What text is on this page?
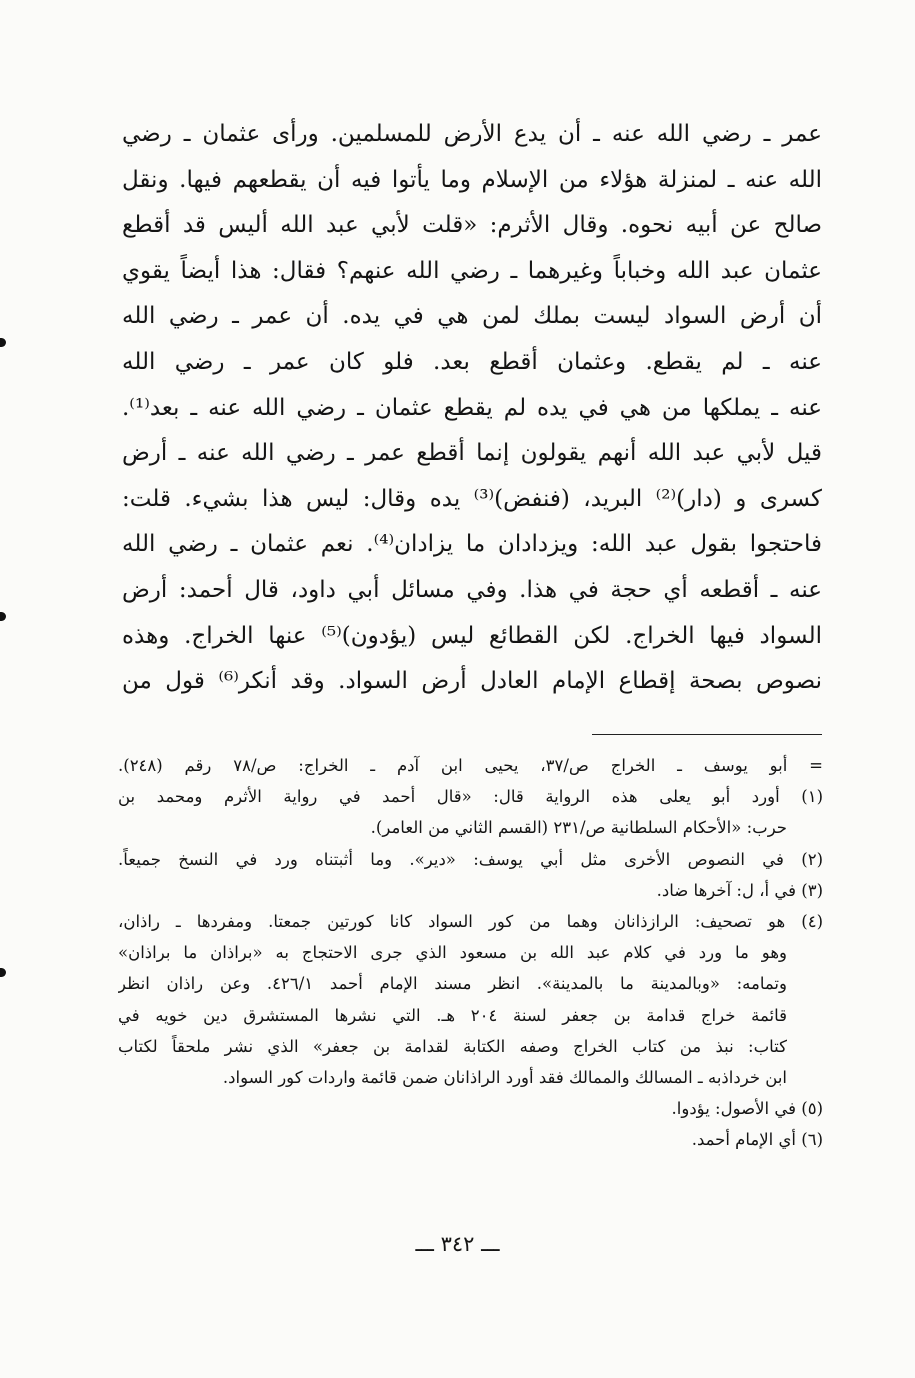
عمر ـ رضي الله عنه ـ أن يدع الأرض للمسلمين. ورأى عثمان ـ رضي
الله عنه ـ لمنزلة هؤلاء من الإسلام وما يأتوا فيه أن يقطعهم فيها. ونقل
صالح عن أبيه نحوه. وقال الأثرم: «قلت لأبي عبد الله أليس قد أقطع
عثمان عبد الله وخباباً وغيرهما ـ رضي الله عنهم؟ فقال: هذا أيضاً يقوي
أن أرض السواد ليست بملك لمن هي في يده. أن عمر ـ رضي الله
عنه ـ لم يقطع. وعثمان أقطع بعد. فلو كان عمر ـ رضي الله
عنه ـ يملكها من هي في يده لم يقطع عثمان ـ رضي الله عنه ـ بعد⁽¹⁾.
قيل لأبي عبد الله أنهم يقولون إنما أقطع عمر ـ رضي الله عنه ـ أرض
كسرى و (دار)⁽²⁾ البريد، (فنفض)⁽³⁾ يده وقال: ليس هذا بشيء. قلت:
فاحتجوا بقول عبد الله: ويزدادان ما يزادان⁽⁴⁾. نعم عثمان ـ رضي الله
عنه ـ أقطعه أي حجة في هذا. وفي مسائل أبي داود، قال أحمد: أرض
السواد فيها الخراج. لكن القطائع ليس (يؤدون)⁽⁵⁾ عنها الخراج. وهذه
نصوص بصحة إقطاع الإمام العادل أرض السواد. وقد أنكر⁽⁶⁾ قول من
= أبو يوسف ـ الخراج ص/٣٧، يحيى ابن آدم ـ الخراج: ص/٧٨ رقم (٢٤٨).
(١) أورد أبو يعلى هذه الرواية قال: «قال أحمد في رواية الأثرم ومحمد بن
حرب: «الأحكام السلطانية ص/٢٣١ (القسم الثاني من العامر).
(٢) في النصوص الأخرى مثل أبي يوسف: «دير». وما أثبتناه ورد في النسخ جميعاً.
(٣) في أ، ل: آخرها ضاد.
(٤) هو تصحيف: الرازذانان وهما من كور السواد كانا كورتين جمعتا. ومفردها ـ راذان،
وهو ما ورد في كلام عبد الله بن مسعود الذي جرى الاحتجاج به «براذان ما براذان»
وتمامه: «وبالمدينة ما بالمدينة». انظر مسند الإمام أحمد ٤٢٦/١. وعن راذان انظر
قائمة خراج قدامة بن جعفر لسنة ٢٠٤ هـ. التي نشرها المستشرق دين خويه في
كتاب: نبذ من كتاب الخراج وصفه الكتابة لقدامة بن جعفر» الذي نشر ملحقاً لكتاب
ابن خرداذبه ـ المسالك والممالك فقد أورد الراذانان ضمن قائمة واردات كور السواد.
(٥) في الأصول: يؤدوا.
(٦) أي الإمام أحمد.
ـــ ٣٤٢ ـــ
